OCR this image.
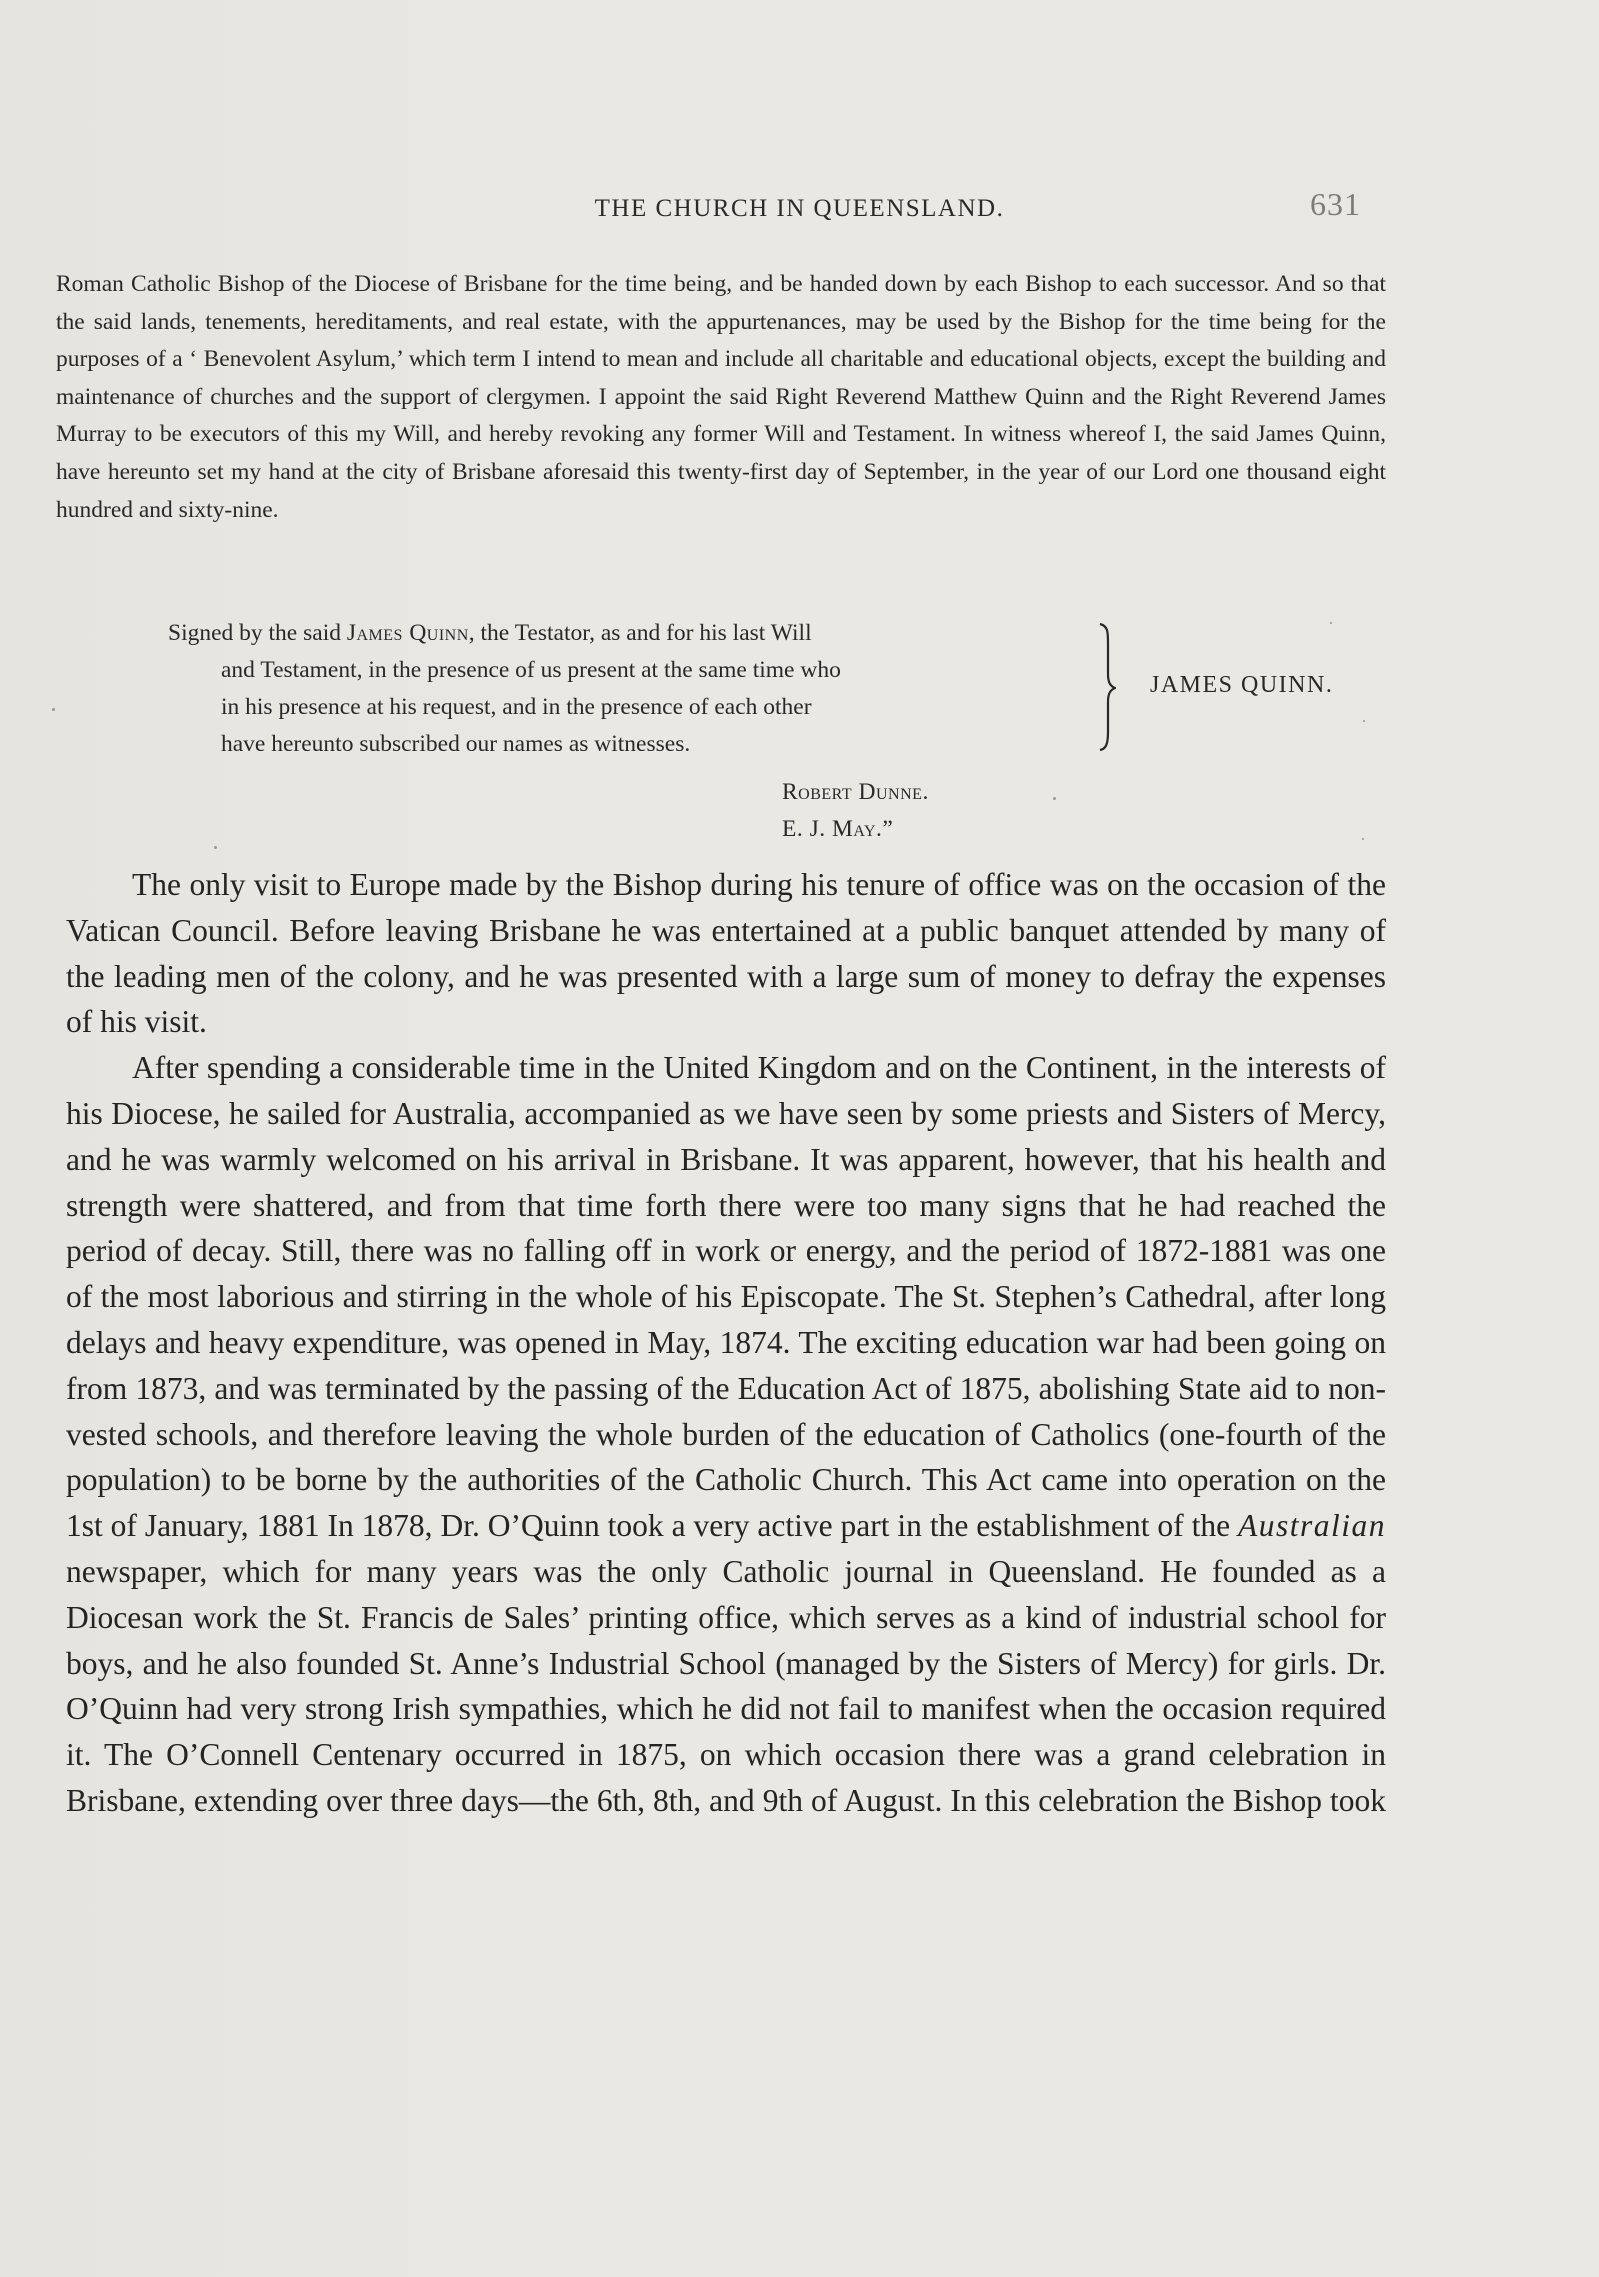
THE CHURCH IN QUEENSLAND.	631

Roman Catholic Bishop of the Diocese of Brisbane for the time being, and be handed down by each Bishop to each successor. And so that the said lands, tenements, hereditaments, and real estate, with the appurtenances, may be used by the Bishop for the time being for the purposes of a ‘ Benevolent Asylum,’ which term I intend to mean and include all charitable and educational objects, except the building and maintenance of churches and the support of clergymen. I appoint the said Right Reverend Matthew Quinn and the Right Reverend James Murray to be executors of this my Will, and hereby revoking any former Will and Testament. In witness whereof I, the said James Quinn, have hereunto set my hand at the city of Brisbane aforesaid this twenty-first day of September, in the year of our Lord one thousand eight hundred and sixty-nine.

Signed by the said James Quinn, the Testator, as and for his last Will
and Testament, in the presence of us present at the same time who
in his presence at his request, and in the presence of each other
have hereunto subscribed our names as witnesses.
JAMES QUINN.
Robert Dunne.
E. J. May.”

The only visit to Europe made by the Bishop during his tenure of office was on the occasion of the Vatican Council. Before leaving Brisbane he was entertained at a public banquet attended by many of the leading men of the colony, and he was presented with a large sum of money to defray the expenses of his visit.

After spending a considerable time in the United Kingdom and on the Continent, in the interests of his Diocese, he sailed for Australia, accompanied as we have seen by some priests and Sisters of Mercy, and he was warmly welcomed on his arrival in Brisbane. It was apparent, however, that his health and strength were shattered, and from that time forth there were too many signs that he had reached the period of decay. Still, there was no falling off in work or energy, and the period of 1872-1881 was one of the most laborious and stirring in the whole of his Episcopate. The St. Stephen’s Cathedral, after long delays and heavy expenditure, was opened in May, 1874. The exciting education war had been going on from 1873, and was terminated by the passing of the Education Act of 1875, abolishing State aid to non-vested schools, and therefore leaving the whole burden of the education of Catholics (one-fourth of the population) to be borne by the authorities of the Catholic Church. This Act came into operation on the 1st of January, 1881 In 1878, Dr. O’Quinn took a very active part in the establishment of the Australian newspaper, which for many years was the only Catholic journal in Queensland. He founded as a Diocesan work the St. Francis de Sales’ printing office, which serves as a kind of industrial school for boys, and he also founded St. Anne’s Industrial School (managed by the Sisters of Mercy) for girls. Dr. O’Quinn had very strong Irish sympathies, which he did not fail to manifest when the occasion required it. The O’Connell Centenary occurred in 1875, on which occasion there was a grand celebration in Brisbane, extending over three days—the 6th, 8th, and 9th of August. In this celebration the Bishop took
